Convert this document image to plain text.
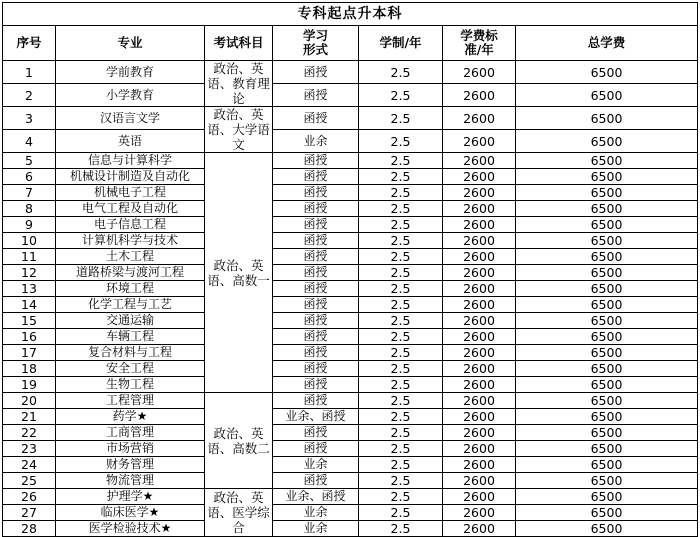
专科起点升本科						
序号	专业	考试科目	学习形式	学制/年	学费标准/年	总学费
1	学前教育	政治、英语、教育理论	函授	2.5	2600	6500
2	小学教育		函授	2.5	2600	6500
3	汉语言文学	政治、英语、大学语文	函授	2.5	2600	6500
4	英语		业余	2.5	2600	6500
5	信息与计算科学	政治、英语、高数一	函授	2.5	2600	6500
6	机械设计制造及自动化		函授	2.5	2600	6500
7	机械电子工程		函授	2.5	2600	6500
8	电气工程及自动化		函授	2.5	2600	6500
9	电子信息工程		函授	2.5	2600	6500
10	计算机科学与技术		函授	2.5	2600	6500
11	土木工程		函授	2.5	2600	6500
12	道路桥梁与渡河工程		函授	2.5	2600	6500
13	环境工程		函授	2.5	2600	6500
14	化学工程与工艺		函授	2.5	2600	6500
15	交通运输		函授	2.5	2600	6500
16	车辆工程		函授	2.5	2600	6500
17	复合材料与工程		函授	2.5	2600	6500
18	安全工程		函授	2.5	2600	6500
19	生物工程		函授	2.5	2600	6500
20	工程管理	政治、英语、高数二	函授	2.5	2600	6500
21	药学★		业余、函授	2.5	2600	6500
22	工商管理		函授	2.5	2600	6500
23	市场营销		函授	2.5	2600	6500
24	财务管理		业余	2.5	2600	6500
25	物流管理		函授	2.5	2600	6500
26	护理学★	政治、英语、医学综合	业余、函授	2.5	2600	6500
27	临床医学★		业余	2.5	2600	6500
28	医学检验技术★		业余	2.5	2600	6500
